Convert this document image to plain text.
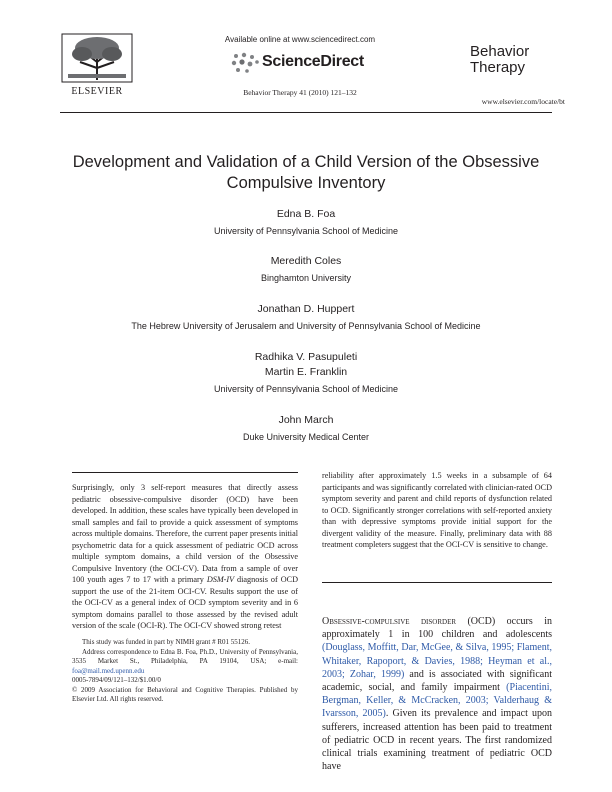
ELSEVIER
Available online at www.sciencedirect.com
ScienceDirect
Behavior Therapy 41 (2010) 121–132
Behavior Therapy
www.elsevier.com/locate/bt
Development and Validation of a Child Version of the Obsessive Compulsive Inventory
Edna B. Foa
University of Pennsylvania School of Medicine
Meredith Coles
Binghamton University
Jonathan D. Huppert
The Hebrew University of Jerusalem and University of Pennsylvania School of Medicine
Radhika V. Pasupuleti
Martin E. Franklin
University of Pennsylvania School of Medicine
John March
Duke University Medical Center
Surprisingly, only 3 self-report measures that directly assess pediatric obsessive-compulsive disorder (OCD) have been developed. In addition, these scales have typically been developed in small samples and fail to provide a quick assessment of symptoms across multiple domains. Therefore, the current paper presents initial psychometric data for a quick assessment of pediatric OCD across multiple symptom domains, a child version of the Obsessive Compulsive Inventory (the OCI-CV). Data from a sample of over 100 youth ages 7 to 17 with a primary DSM-IV diagnosis of OCD support the use of the 21-item OCI-CV. Results support the use of the OCI-CV as a general index of OCD symptom severity and in 6 symptom domains parallel to those assessed by the revised adult version of the scale (OCI-R). The OCI-CV showed strong retest
reliability after approximately 1.5 weeks in a subsample of 64 participants and was significantly correlated with clinician-rated OCD symptom severity and parent and child reports of dysfunction related to OCD. Significantly stronger correlations with self-reported anxiety than with depressive symptoms provide initial support for the divergent validity of the measure. Finally, preliminary data with 88 treatment completers suggest that the OCI-CV is sensitive to change.
Obsessive-compulsive disorder (OCD) occurs in approximately 1 in 100 children and adolescents (Douglass, Moffitt, Dar, McGee, & Silva, 1995; Flament, Whitaker, Rapoport, & Davies, 1988; Heyman et al., 2003; Zohar, 1999) and is associated with significant academic, social, and family impairment (Piacentini, Bergman, Keller, & McCracken, 2003; Valderhaug & Ivarsson, 2005). Given its prevalence and impact upon sufferers, increased attention has been paid to treatment of pediatric OCD in recent years. The first randomized clinical trials examining treatment of pediatric OCD have

This study was funded in part by NIMH grant # R01 55126.

Address correspondence to Edna B. Foa, Ph.D., University of Pennsylvania, 3535 Market St., Philadelphia, PA 19104, USA; e-mail: foa@mail.med.upenn.edu

0005-7894/09/121–132/$1.00/0

© 2009 Association for Behavioral and Cognitive Therapies. Published by Elsevier Ltd. All rights reserved.
